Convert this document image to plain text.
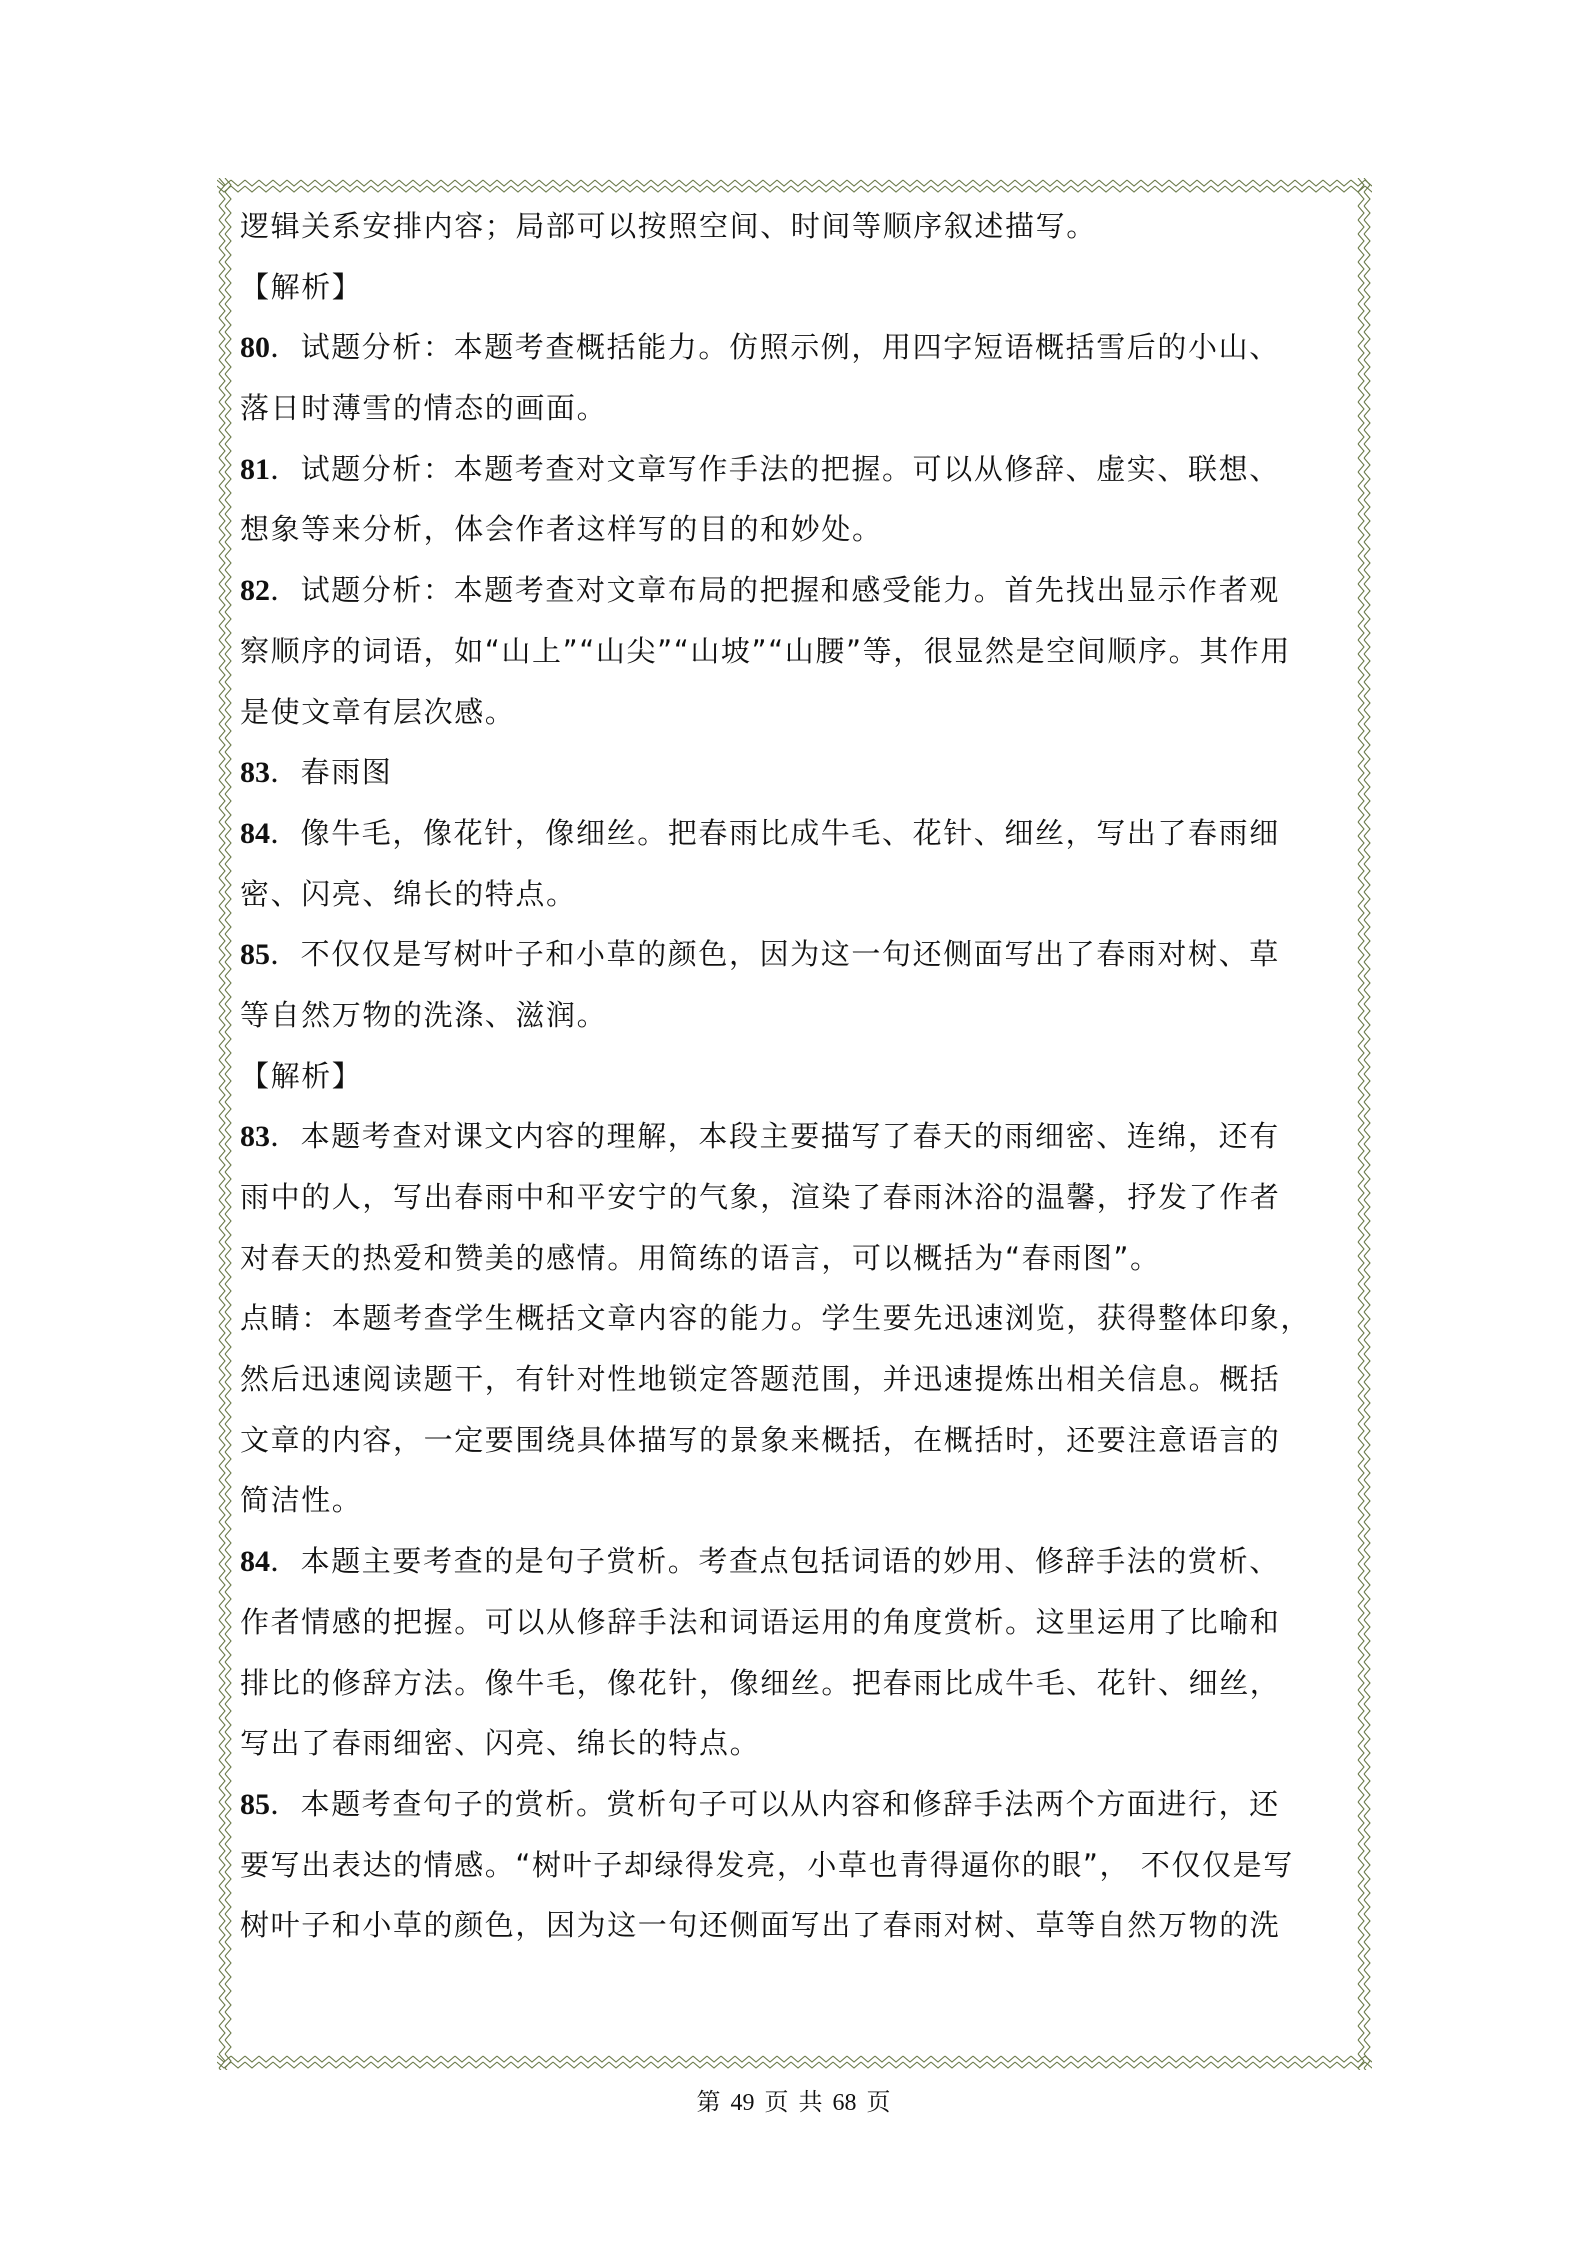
逻辑关系安排内容；局部可以按照空间、时间等顺序叙述描写。
【解析】
80．试题分析：本题考查概括能力。仿照示例，用四字短语概括雪后的小山、
落日时薄雪的情态的画面。
81．试题分析：本题考查对文章写作手法的把握。可以从修辞、虚实、联想、
想象等来分析，体会作者这样写的目的和妙处。
82．试题分析：本题考查对文章布局的把握和感受能力。首先找出显示作者观
察顺序的词语，如“山上”“山尖”“山坡”“山腰”等，很显然是空间顺序。其作用
是使文章有层次感。
83．春雨图
84．像牛毛，像花针，像细丝。把春雨比成牛毛、花针、细丝，写出了春雨细
密、闪亮、绵长的特点。
85．不仅仅是写树叶子和小草的颜色，因为这一句还侧面写出了春雨对树、草
等自然万物的洗涤、滋润。
【解析】
83．本题考查对课文内容的理解，本段主要描写了春天的雨细密、连绵，还有
雨中的人，写出春雨中和平安宁的气象，渲染了春雨沐浴的温馨，抒发了作者
对春天的热爱和赞美的感情。用简练的语言，可以概括为“春雨图”。
点睛：本题考查学生概括文章内容的能力。学生要先迅速浏览，获得整体印象，
然后迅速阅读题干，有针对性地锁定答题范围，并迅速提炼出相关信息。概括
文章的内容，一定要围绕具体描写的景象来概括，在概括时，还要注意语言的
简洁性。
84．本题主要考查的是句子赏析。考查点包括词语的妙用、修辞手法的赏析、
作者情感的把握。可以从修辞手法和词语运用的角度赏析。这里运用了比喻和
排比的修辞方法。像牛毛，像花针，像细丝。把春雨比成牛毛、花针、细丝，
写出了春雨细密、闪亮、绵长的特点。
85．本题考查句子的赏析。赏析句子可以从内容和修辞手法两个方面进行，还
要写出表达的情感。“树叶子却绿得发亮，小草也青得逼你的眼”， 不仅仅是写
树叶子和小草的颜色，因为这一句还侧面写出了春雨对树、草等自然万物的洗
第 49 页 共 68 页
